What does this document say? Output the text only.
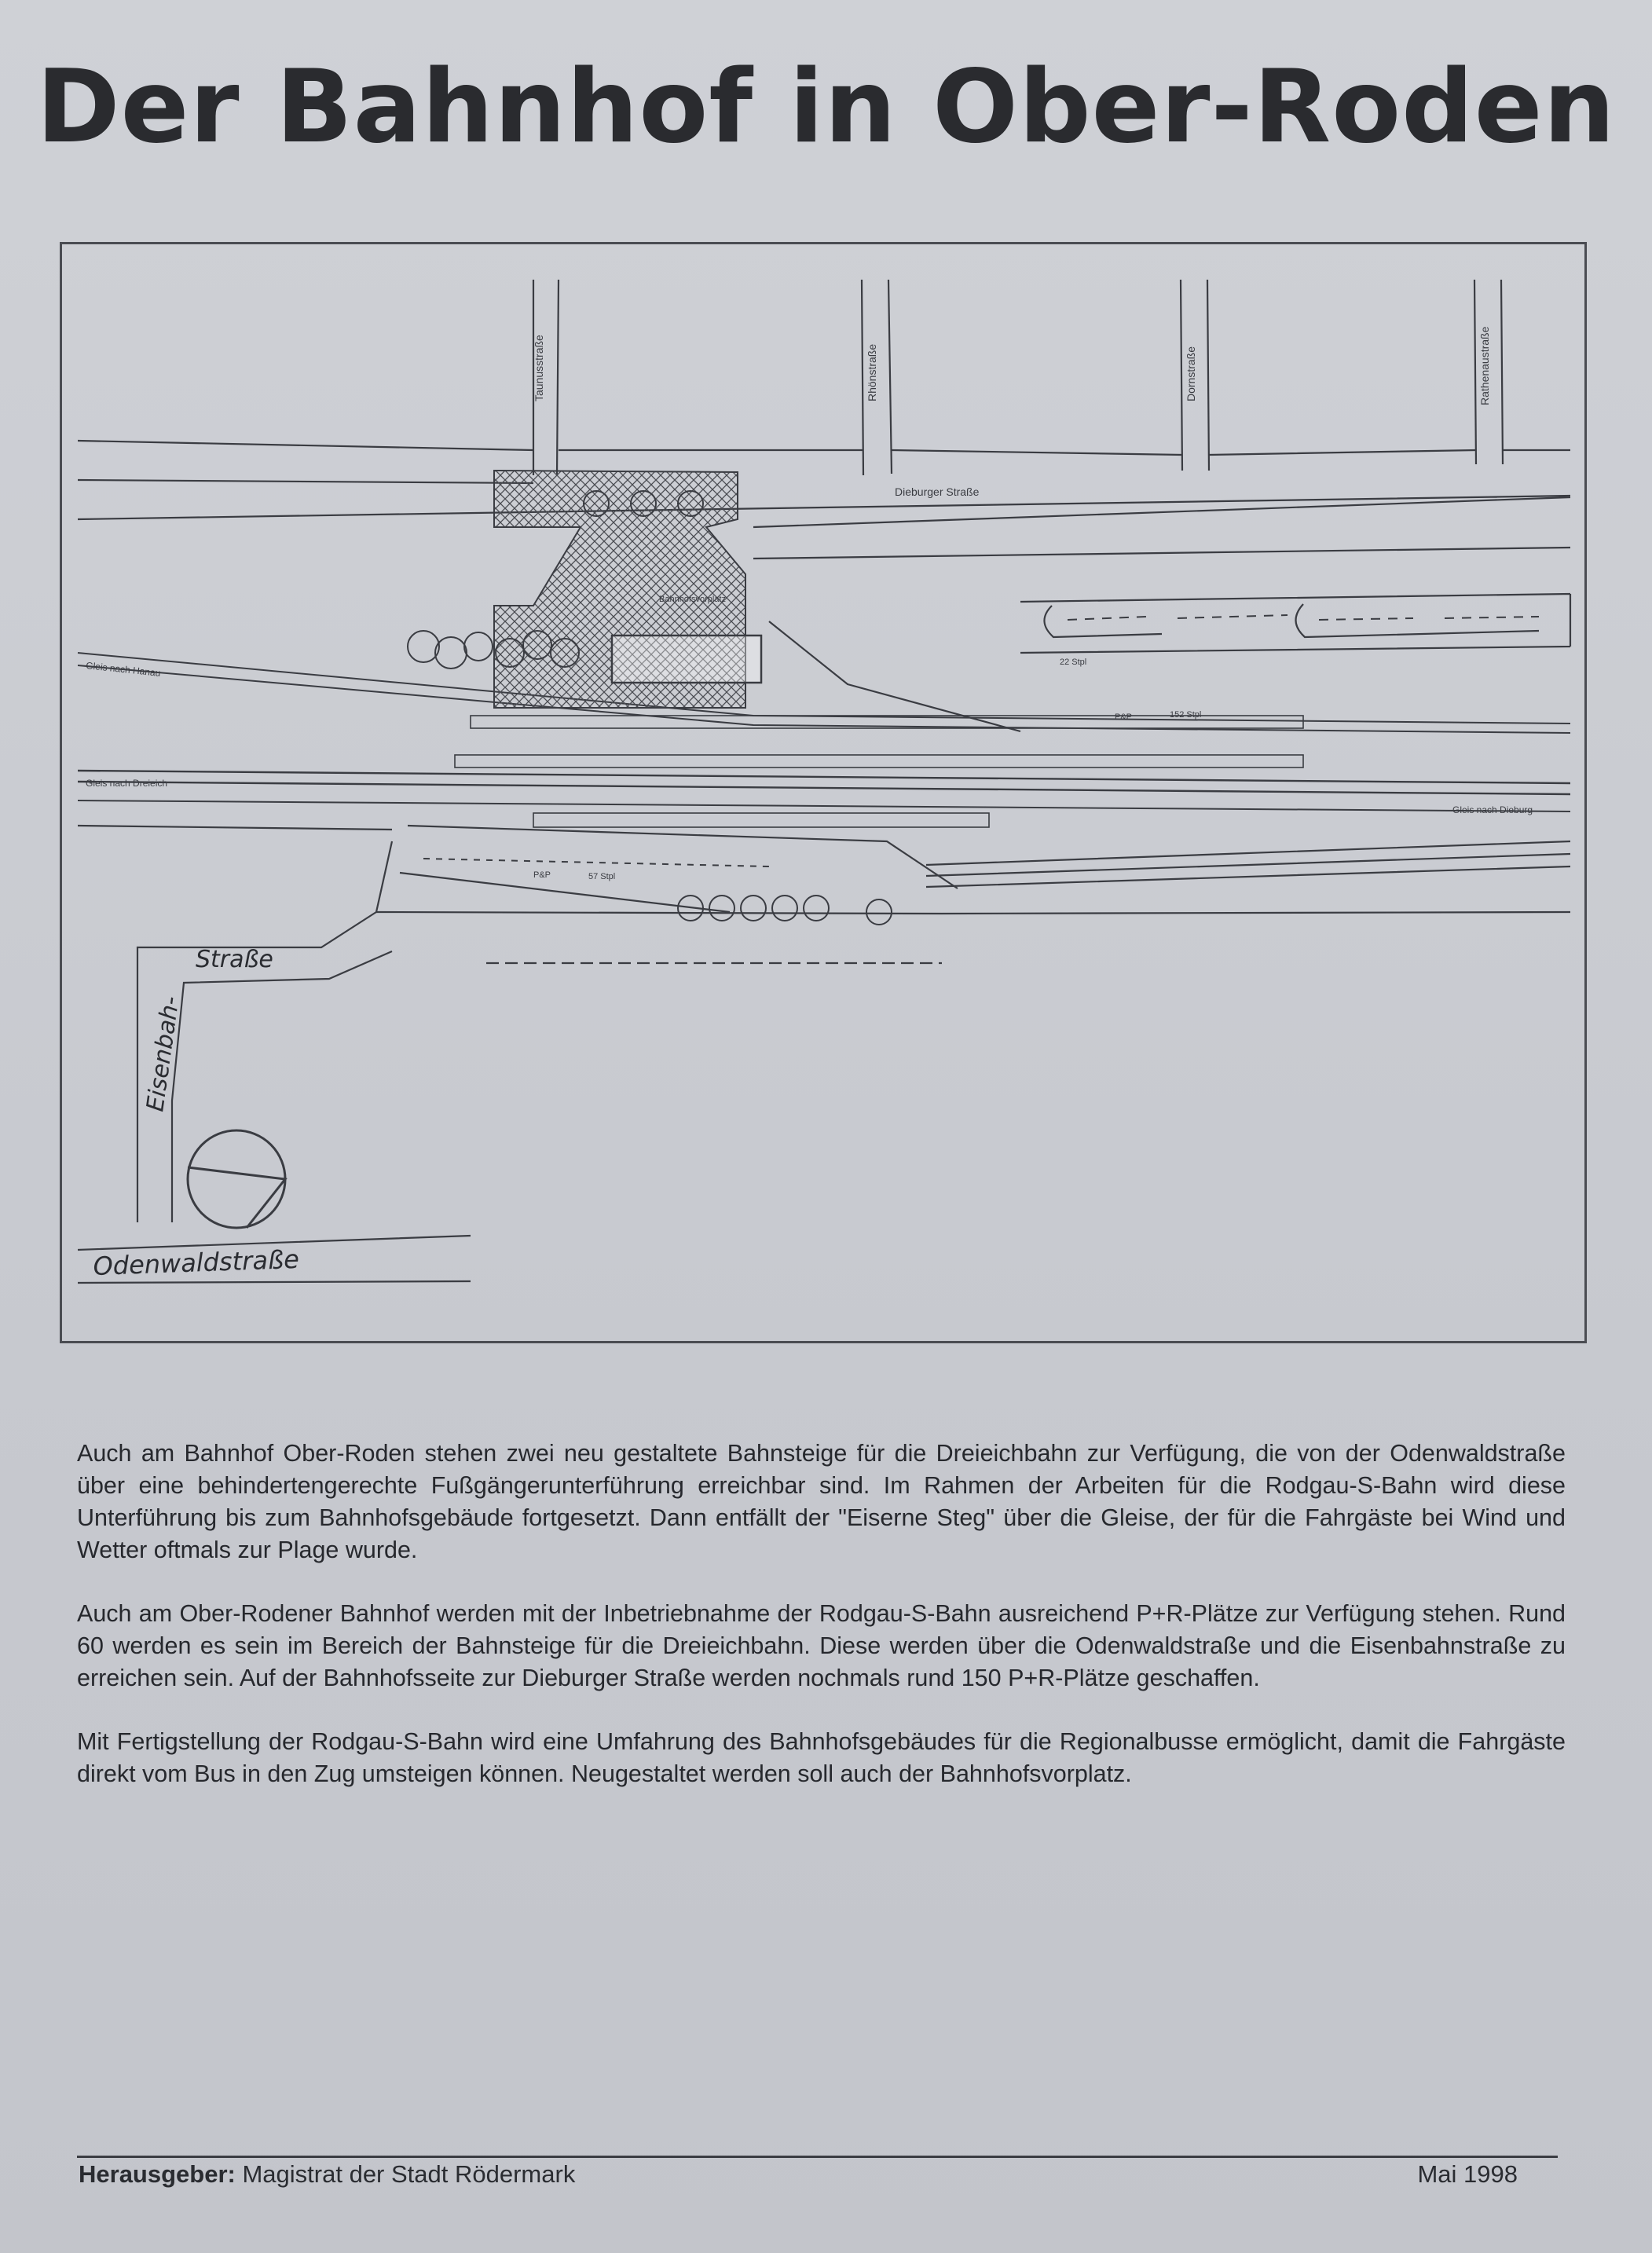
Der Bahnhof in Ober-Roden
Taunusstraße	Rhönstraße	Dornstraße	Rathenaustraße
Dieburger Straße
Bahnhofsvorplatz
Gleis nach Hanau
Gleis nach Dreieich
Gleis nach Dieburg
22 Stpl
P&P	152 Stpl
P&P	57 Stpl
Eisenbah-
Straße
Odenwaldstraße

Auch am Bahnhof Ober-Roden stehen zwei neu gestaltete Bahnsteige für die Dreieichbahn zur Verfügung, die von der Odenwaldstraße über eine behindertengerechte Fußgängerunterführung erreichbar sind. Im Rahmen der Arbeiten für die Rodgau-S-Bahn wird diese Unterführung bis zum Bahnhofsgebäude fortgesetzt. Dann entfällt der "Eiserne Steg" über die Gleise, der für die Fahrgäste bei Wind und Wetter oftmals zur Plage wurde.

Auch am Ober-Rodener Bahnhof werden mit der Inbetriebnahme der Rodgau-S-Bahn ausreichend P+R-Plätze zur Verfügung stehen. Rund 60 werden es sein im Bereich der Bahnsteige für die Dreieichbahn. Diese werden über die Odenwaldstraße und die Eisenbahnstraße zu erreichen sein. Auf der Bahnhofsseite zur Dieburger Straße werden nochmals rund 150 P+R-Plätze geschaffen.

Mit Fertigstellung der Rodgau-S-Bahn wird eine Umfahrung des Bahnhofsgebäudes für die Regionalbusse ermöglicht, damit die Fahrgäste direkt vom Bus in den Zug umsteigen können. Neugestaltet werden soll auch der Bahnhofsvorplatz.

Herausgeber: Magistrat der Stadt Rödermark	Mai 1998
